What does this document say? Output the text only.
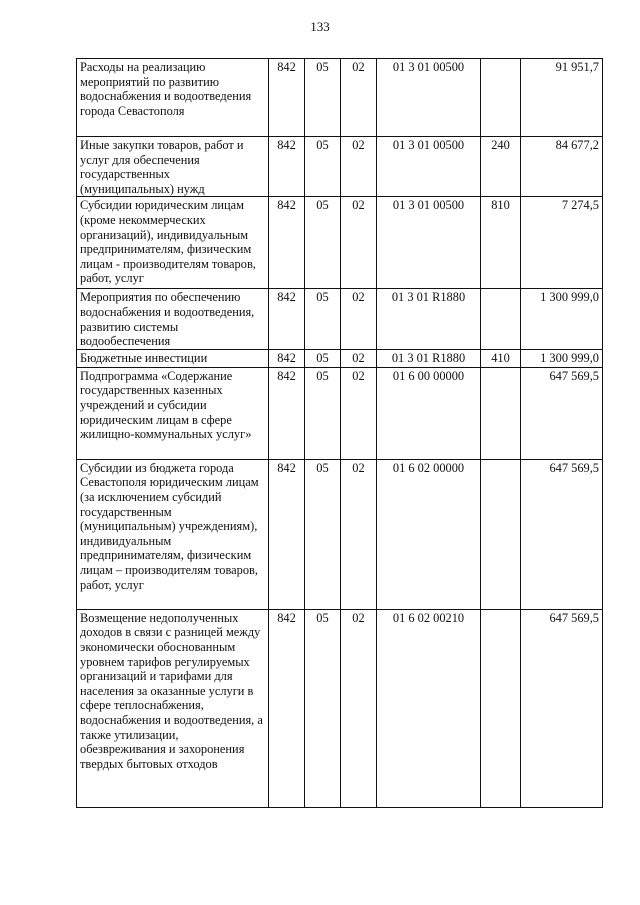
133
Расходы на реализацию мероприятий по развитию водоснабжения и водоотведения города Севастополя	842	05	02	01 3 01 00500		91 951,7
Иные закупки товаров, работ и услуг для обеспечения государственных (муниципальных) нужд	842	05	02	01 3 01 00500	240	84 677,2
Субсидии юридическим лицам (кроме некоммерческих организаций), индивидуальным предпринимателям, физическим лицам - производителям товаров, работ, услуг	842	05	02	01 3 01 00500	810	7 274,5
Мероприятия по обеспечению водоснабжения и водоотведения, развитию системы водообеспечения	842	05	02	01 3 01 R1880		1 300 999,0
Бюджетные инвестиции	842	05	02	01 3 01 R1880	410	1 300 999,0
Подпрограмма «Содержание государственных казенных учреждений и субсидии юридическим лицам в сфере жилищно-коммунальных услуг»	842	05	02	01 6 00 00000		647 569,5
Субсидии из бюджета города Севастополя юридическим лицам (за исключением субсидий государственным (муниципальным) учреждениям), индивидуальным предпринимателям, физическим лицам – производителям товаров, работ, услуг	842	05	02	01 6 02 00000		647 569,5
Возмещение недополученных доходов в связи с разницей между экономически обоснованным уровнем тарифов регулируемых организаций и тарифами для населения за оказанные услуги в сфере теплоснабжения, водоснабжения и водоотведения, а также утилизации, обезвреживания и захоронения твердых бытовых отходов	842	05	02	01 6 02 00210		647 569,5
